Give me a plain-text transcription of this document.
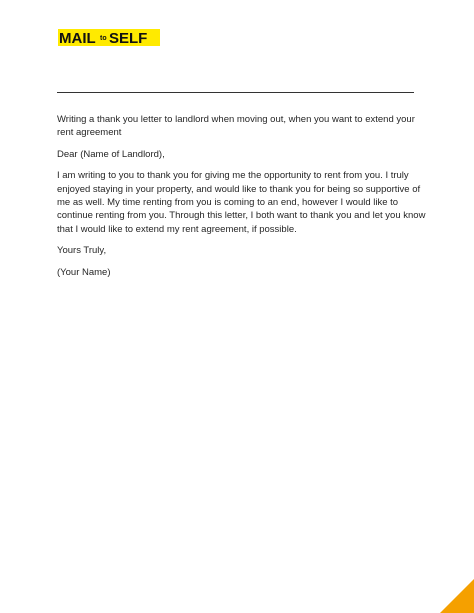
MAIL to SELF

Writing a thank you letter to landlord when moving out, when you want to extend your rent agreement

Dear (Name of Landlord),

I am writing to you to thank you for giving me the opportunity to rent from you. I truly enjoyed staying in your property, and would like to thank you for being so supportive of me as well. My time renting from you is coming to an end, however I would like to continue renting from you. Through this letter, I both want to thank you and let you know that I would like to extend my rent agreement, if possible.

Yours Truly,

(Your Name)
